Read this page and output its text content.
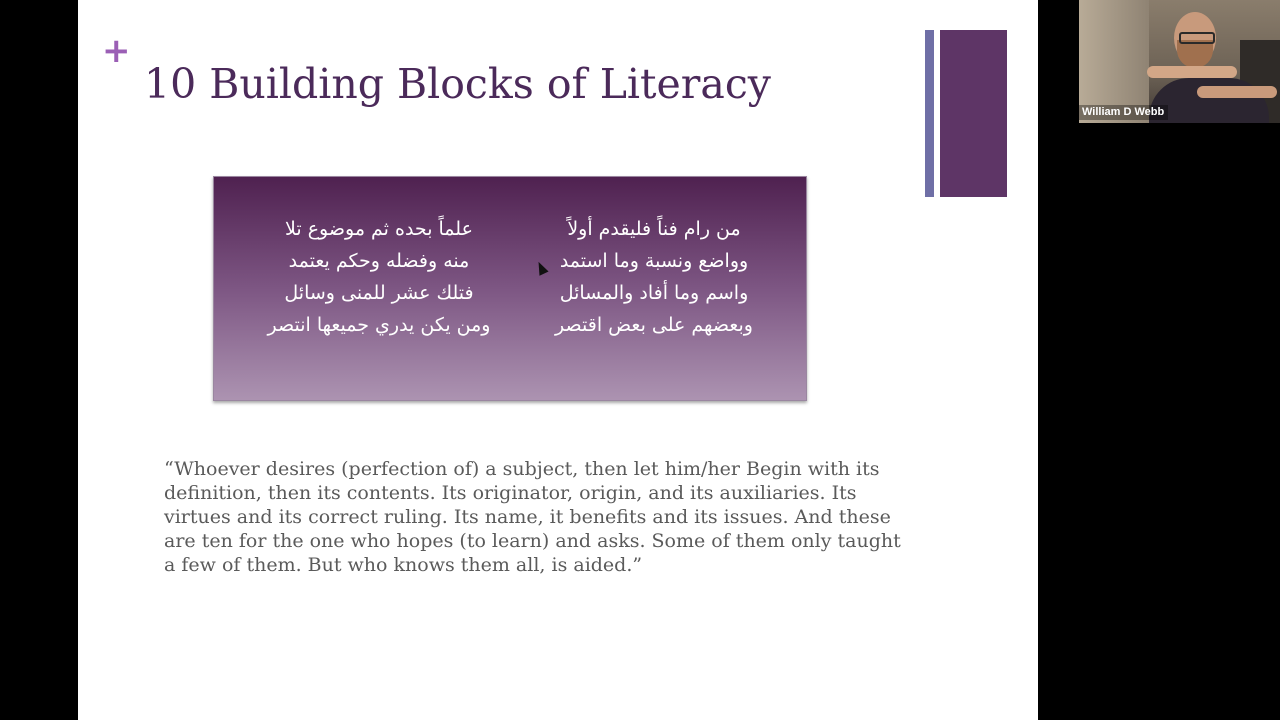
+
10 Building Blocks of Literacy
من رام فناً فليقدم أولاً
وواضع ونسبة وما استمد
واسم وما أفاد والمسائل
وبعضهم على بعض اقتصر
علماً بحده ثم موضوع تلا
منه وفضله وحكم يعتمد
فتلك عشر للمنى وسائل
ومن يكن يدري جميعها انتصر

“Whoever desires (perfection of) a subject, then let him/her Begin with its definition, then its contents. Its originator, origin, and its auxiliaries. Its virtues and its correct ruling. Its name, it benefits and its issues. And these are ten for the one who hopes (to learn) and asks. Some of them only taught a few of them. But who knows them all, is aided.”

William D Webb
